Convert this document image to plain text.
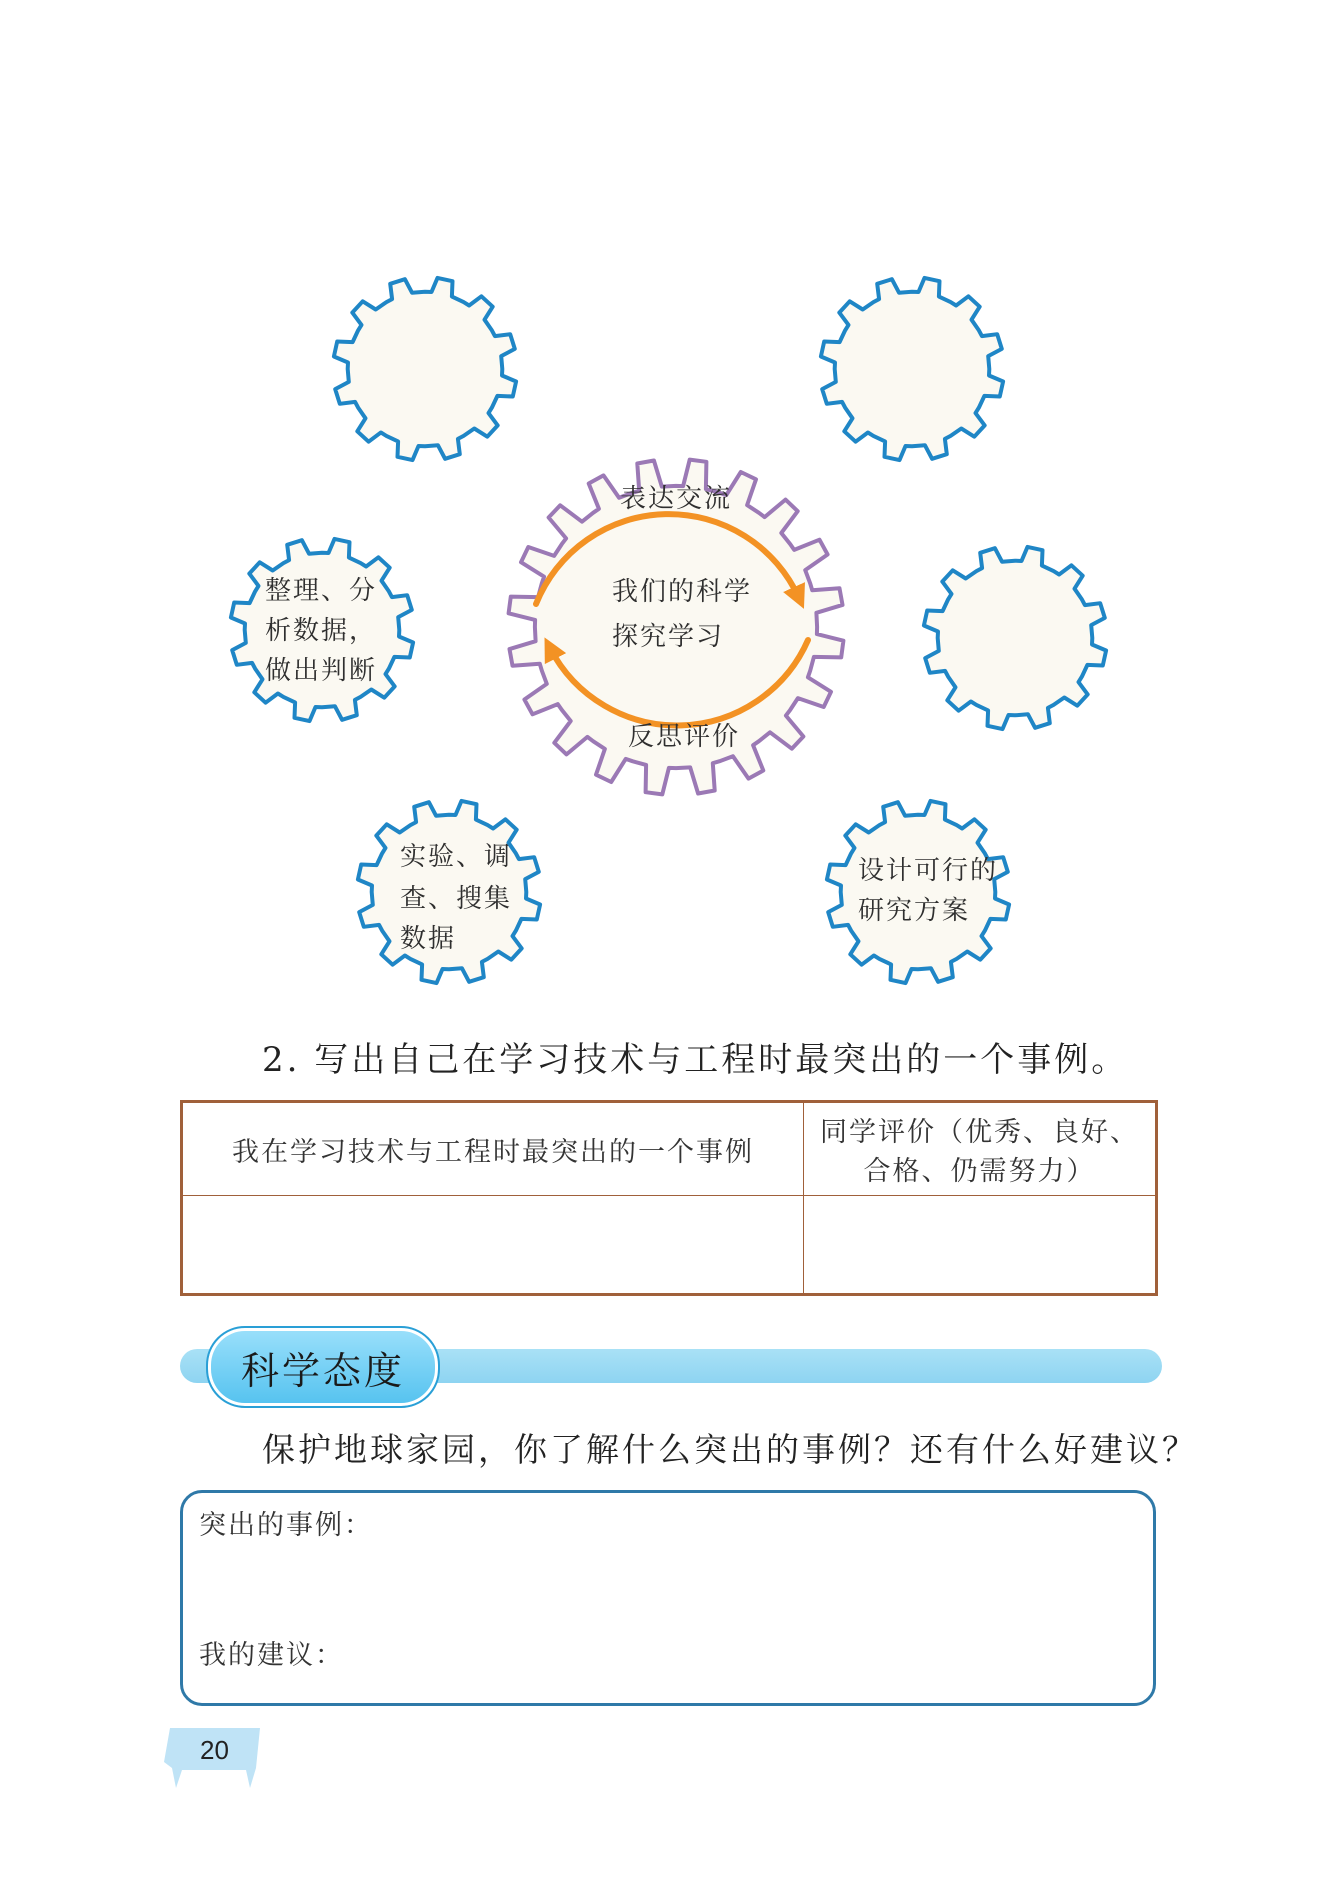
表达交流
我们的科学
探究学习
反思评价
整理、分
析数据，
做出判断
实验、调
查、搜集
数据
设计可行的
研究方案
2. 写出自己在学习技术与工程时最突出的一个事例。
我在学习技术与工程时最突出的一个事例	同学评价（优秀、良好、
合格、仍需努力）

科学态度
保护地球家园，你了解什么突出的事例？还有什么好建议？
突出的事例：
我的建议：
20
